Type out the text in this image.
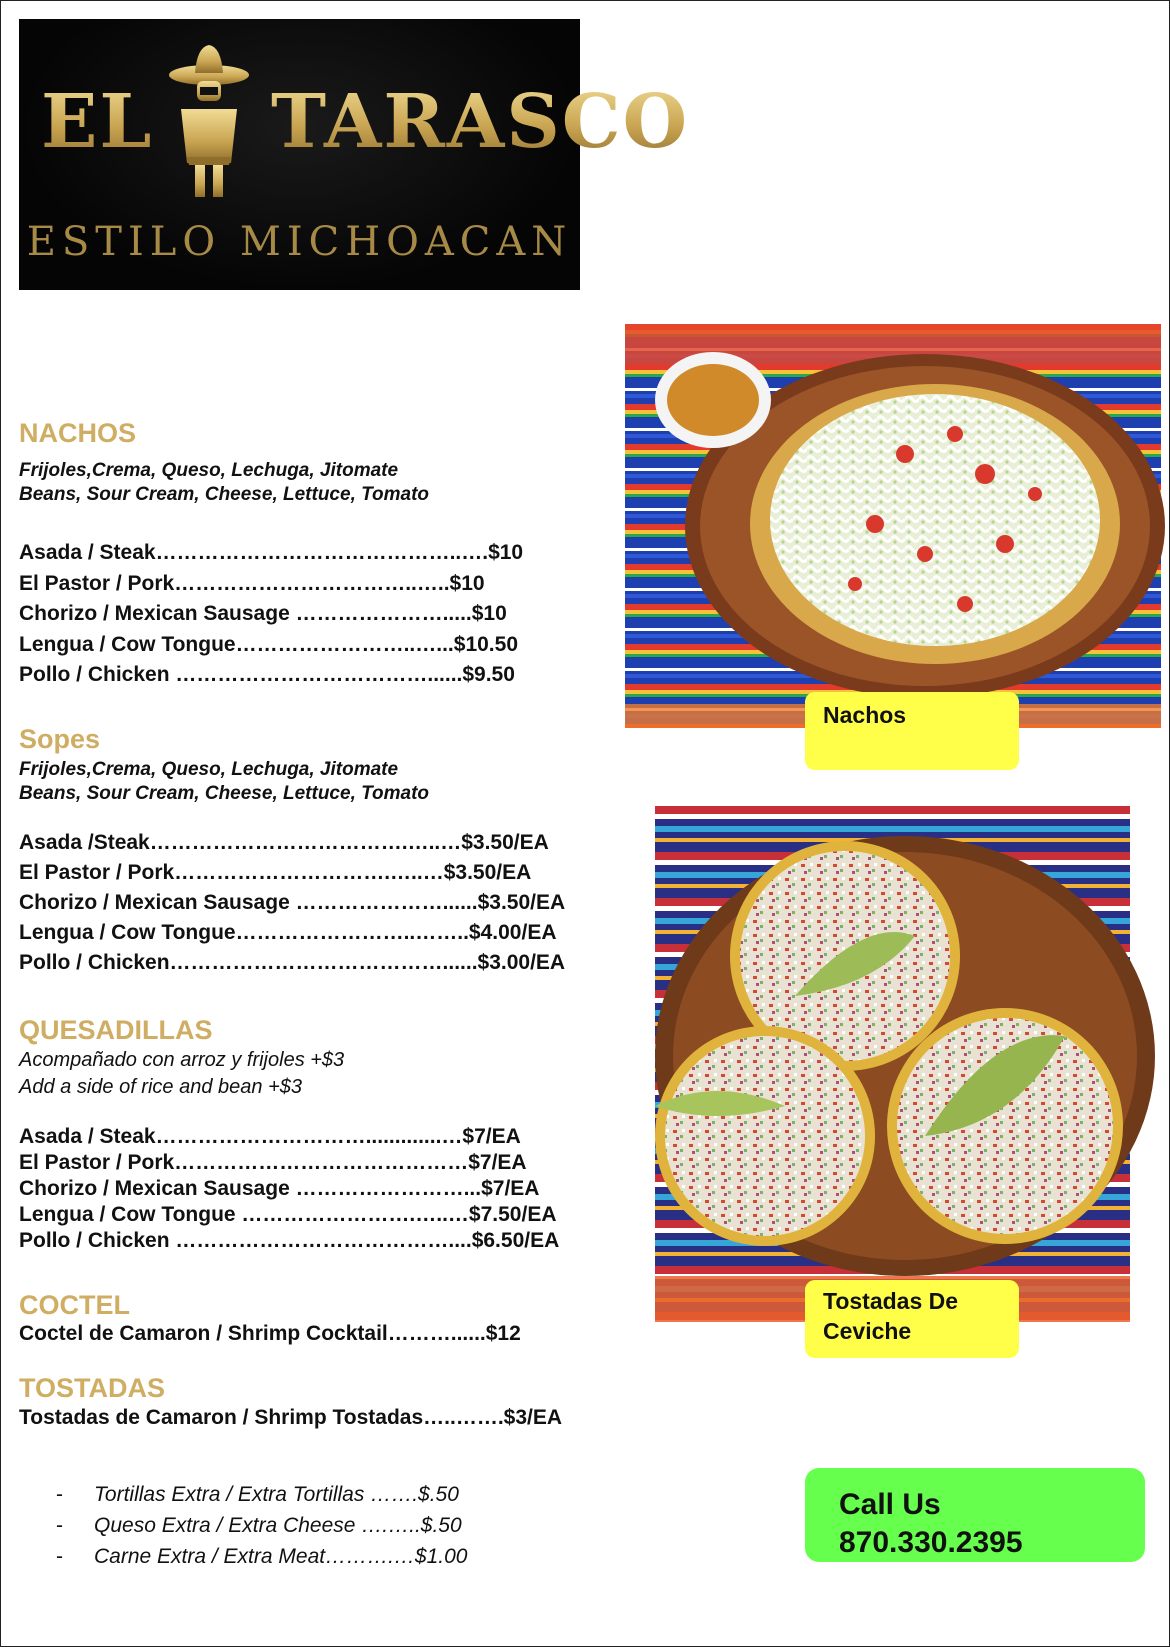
EL TARASCO
ESTILO MICHOACAN
NACHOS
Frijoles,Crema, Queso, Lechuga, Jitomate
Beans, Sour Cream, Cheese, Lettuce, Tomato
Asada / Steak……………………………………..….$10
El Pastor / Pork……………………………..…..$10
Chorizo / Mexican Sausage ………………….....$10
Lengua / Cow Tongue……………………..…...$10.50
Pollo / Chicken ………………………………......$9.50
Sopes
Frijoles,Crema, Queso, Lechuga, Jitomate
Beans, Sour Cream, Cheese, Lettuce, Tomato
Asada /Steak……………………………….…..…$3.50/EA
El Pastor / Pork………………………….…..…$3.50/EA
Chorizo / Mexican Sausage …………………......$3.50/EA
Lengua / Cow Tongue……………………..……..$4.00/EA
Pollo / Chicken…………………………………......$3.00/EA
QUESADILLAS
Acompañado con arroz y frijoles +$3
Add a side of rice and bean +$3
Asada / Steak………………………….............…$7/EA
El Pastor / Pork……………………………………$7/EA
Chorizo / Mexican Sausage ……………………...$7/EA
Lengua / Cow Tongue …………………….…..…$7.50/EA
Pollo / Chicken …………………………………....$6.50/EA
COCTEL
Coctel de Camaron / Shrimp Cocktail………......$12
TOSTADAS
Tostadas de Camaron / Shrimp Tostadas…..…….$3/EA
- Tortillas Extra / Extra Tortillas …….$.50
- Queso Extra / Extra Cheese ….…..$.50
- Carne Extra / Extra Meat……….…$1.00
Nachos
Tostadas De
Ceviche
Call Us
870.330.2395
